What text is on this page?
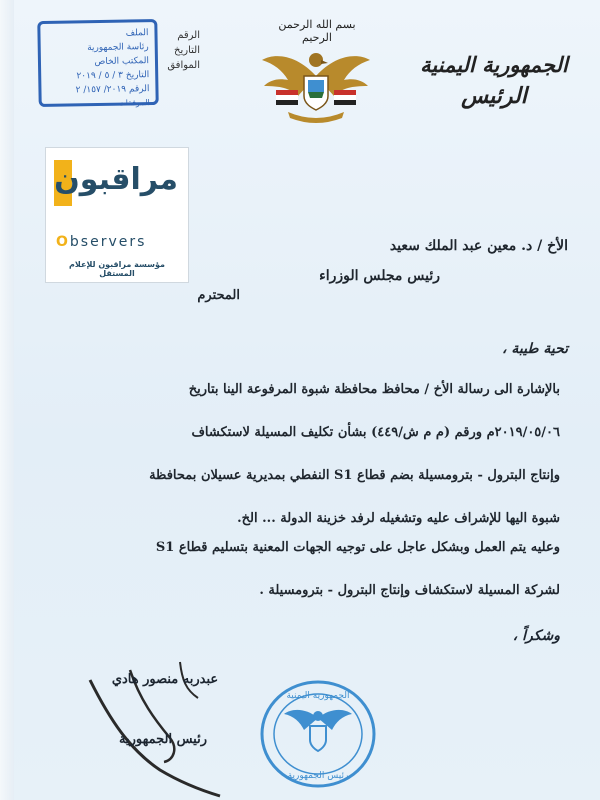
الملف
رئاسة الجمهورية
المكتب الخاص
التاريخ ٣ / ٥ / ٢٠١٩
الرقم ٢٠١٩/ ١٥٧/ ٢
المرفقات
الرقم
التاريخ
الموافق
بسم الله الرحمن الرحيم
الجمهورية اليمنية
الرئيس
مراقبون
Observers
مؤسسة مراقبون للإعلام المستقل
الأخ / د. معين عبد الملك سعيد
رئيس مجلس الوزراء
المحترم
تحية طيبة ،

بالإشارة الى رسالة الأخ / محافظ محافظة شبوة المرفوعة الينا بتاريخ

٢٠١٩/٠٥/٠٦م ورقم (م م ش/٤٤٩) بشأن تكليف المسيلة لاستكشاف

وإنتاج البترول - بترومسيلة بضم قطاع S1 النفطي بمديرية عسيلان بمحافظة

شبوة اليها للإشراف عليه وتشغيله لرفد خزينة الدولة ... الخ.

وعليه يتم العمل وبشكل عاجل على توجيه الجهات المعنية بتسليم قطاع S1

لشركة المسيلة لاستكشاف وإنتاج البترول - بترومسيلة .

وشكراً ،
عبدربه منصور هادي
رئيس الجمهورية
الجمهورية اليمنية
رئيس الجمهورية
